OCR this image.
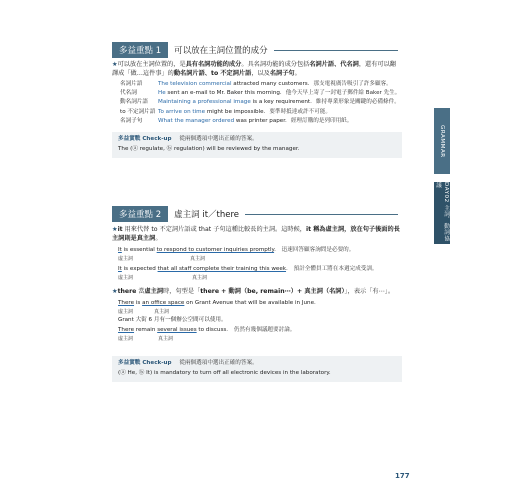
多益重點 1	可以放在主詞位置的成分
★可以放在主詞位置的，是具有名詞功能的成分。具名詞功能的成分包括名詞片語、代名詞，還有可以翻譯成「做…這件事」的動名詞片語、to 不定詞片語，以及名詞子句。
名詞片語	The television commercial attracted many customers. 那支電視廣告吸引了許多顧客。
代名詞	He sent an e-mail to Mr. Baker this morning. 他今天早上寄了一封電子郵件給 Baker 先生。
動名詞片語	Maintaining a professional image is a key requirement. 維持專業形象是關鍵的必備條件。
to 不定詞片語 To arrive on time might be impossible. 要準時抵達或許不可能。
名詞子句	What the manager ordered was printer paper. 經理訂購的是列印用紙。
多益實戰 Check-up 從兩個選項中選出正確的答案。
The (ⓐ regulate, ⓑ regulation) will be reviewed by the manager.
多益重點 2	虛主詞 it／there
★it 用來代替 to 不定詞片語或 that 子句這種比較長的主詞。這時候，it 稱為虛主詞，放在句子後面的長主詞則是真主詞。
It is essential to respond to customer inquiries promptly. 迅速回答顧客詢問是必要的。
虛主詞	真主詞
It is expected that all staff complete their training this week. 預計全體員工將在本週完成受訓。
虛主詞	真主詞
★there 當虛主詞時，句型是「there + 動詞（be, remain⋯）+ 真主詞（名詞）」，表示「有⋯」。
There is an office space on Grant Avenue that will be available in June.
虛主詞	真主詞
Grant 大街 6 月有一個辦公空間可以使用。
There remain several issues to discuss. 仍然有幾個議題要討論。
虛主詞	真主詞
多益實戰 Check-up 從兩個選項中選出正確的答案。
(ⓐ He, ⓑ It) is mandatory to turn off all electronic devices in the laboratory.
GRAMMAR
DAY02 主詞．動詞協議
177
